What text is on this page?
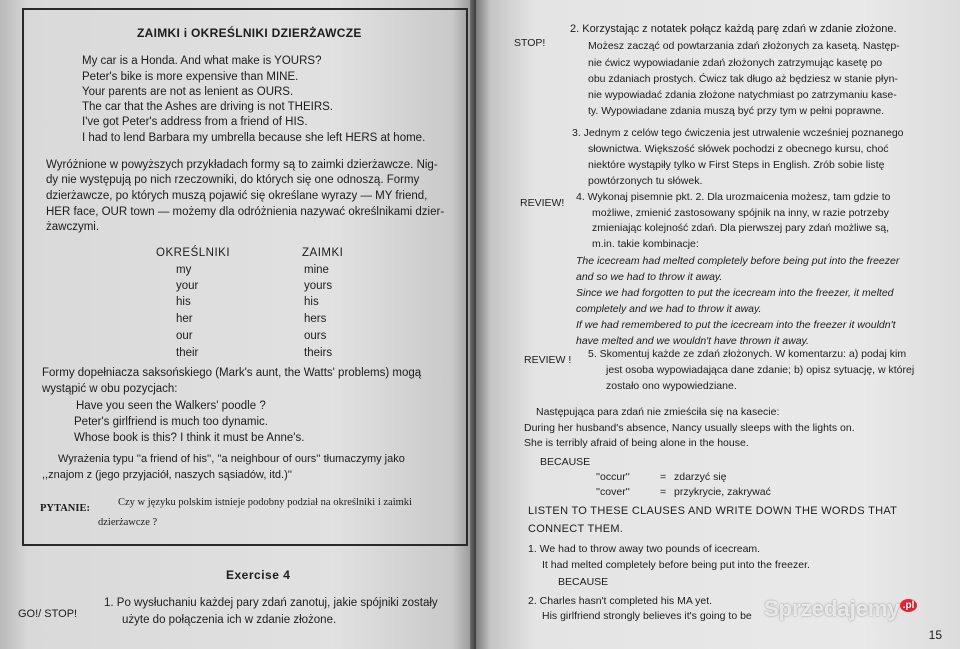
ZAIMKI i OKREŚLNIKI DZIERŻAWCZE
My car is a Honda. And what make is YOURS?
Peter's bike is more expensive than MINE.
Your parents are not as lenient as OURS.
The car that the Ashes are driving is not THEIRS.
I've got Peter's address from a friend of HIS.
I had to lend Barbara my umbrella because she left HERS at home.
Wyróżnione w powyższych przykładach formy są to zaimki dzierżawcze. Nig-
dy nie występują po nich rzeczowniki, do których się one odnoszą. Formy
dzierżawcze, po których muszą pojawić się określane wyrazy — MY friend,
HER face, OUR town — możemy dla odróżnienia nazywać określnikami dzier-
żawczymi.
OKREŚLNIKI	ZAIMKI
my	mine
your	yours
his	his
her	hers
our	ours
their	theirs
Formy dopełniacza saksońskiego (Mark's aunt, the Watts' problems) mogą
wystąpić w obu pozycjach:
Have you seen the Walkers' poodle ?
Peter's girlfriend is much too dynamic.
Whose book is this? I think it must be Anne's.
Wyrażenia typu ''a friend of his'', ''a neighbour of ours'' tłumaczymy jako
,,znajom z (jego przyjaciół, naszych sąsiadów, itd.)''
PYTANIE:
Czy w języku polskim istnieje podobny podział na określniki i zaimki
dzierżawcze ?
Exercise 4
GO!/ STOP!
1. Po wysłuchaniu każdej pary zdań zanotuj, jakie spójniki zostały
użyte do połączenia ich w zdanie złożone.
STOP!
2. Korzystając z notatek połącz każdą parę zdań w zdanie złożone.
Możesz zacząć od powtarzania zdań złożonych za kasetą. Następ-
nie ćwicz wypowiadanie zdań złożonych zatrzymując kasetę po
obu zdaniach prostych. Ćwicz tak długo aż będziesz w stanie płyn-
nie wypowiadać zdania złożone natychmiast po zatrzymaniu kase-
ty. Wypowiadane zdania muszą być przy tym w pełni poprawne.
3. Jednym z celów tego ćwiczenia jest utrwalenie wcześniej poznanego
słownictwa. Większość słówek pochodzi z obecnego kursu, choć
niektóre wystąpiły tylko w First Steps in English. Zrób sobie listę
powtórzonych tu słówek.
REVIEW! 4. Wykonaj pisemnie pkt. 2. Dla urozmaicenia możesz, tam gdzie to
możliwe, zmienić zastosowany spójnik na inny, w razie potrzeby
zmieniając kolejność zdań. Dla pierwszej pary zdań możliwe są,
m.in. takie kombinacje:
The icecream had melted completely before being put into the freezer
and so we had to throw it away.
Since we had forgotten to put the icecream into the freezer, it melted
completely and we had to throw it away.
If we had remembered to put the icecream into the freezer it wouldn't
have melted and we wouldn't have thrown it away.
REVIEW ! 5. Skomentuj każde ze zdań złożonych. W komentarzu: a) podaj kim
jest osoba wypowiadająca dane zdanie; b) opisz sytuację, w której
zostało ono wypowiedziane.
Następująca para zdań nie zmieściła się na kasecie:
During her husband's absence, Nancy usually sleeps with the lights on.
She is terribly afraid of being alone in the house.
BECAUSE
''occur''	= zdarzyć się
''cover''	= przykrycie, zakrywać
LISTEN TO THESE CLAUSES AND WRITE DOWN THE WORDS THAT
CONNECT THEM.
1. We had to throw away two pounds of icecream.
It had melted completely before being put into the freezer.
BECAUSE
2. Charles hasn't completed his MA yet.
His girlfriend strongly believes it's going to be Sprzedajemy $^{.pl}$
15
